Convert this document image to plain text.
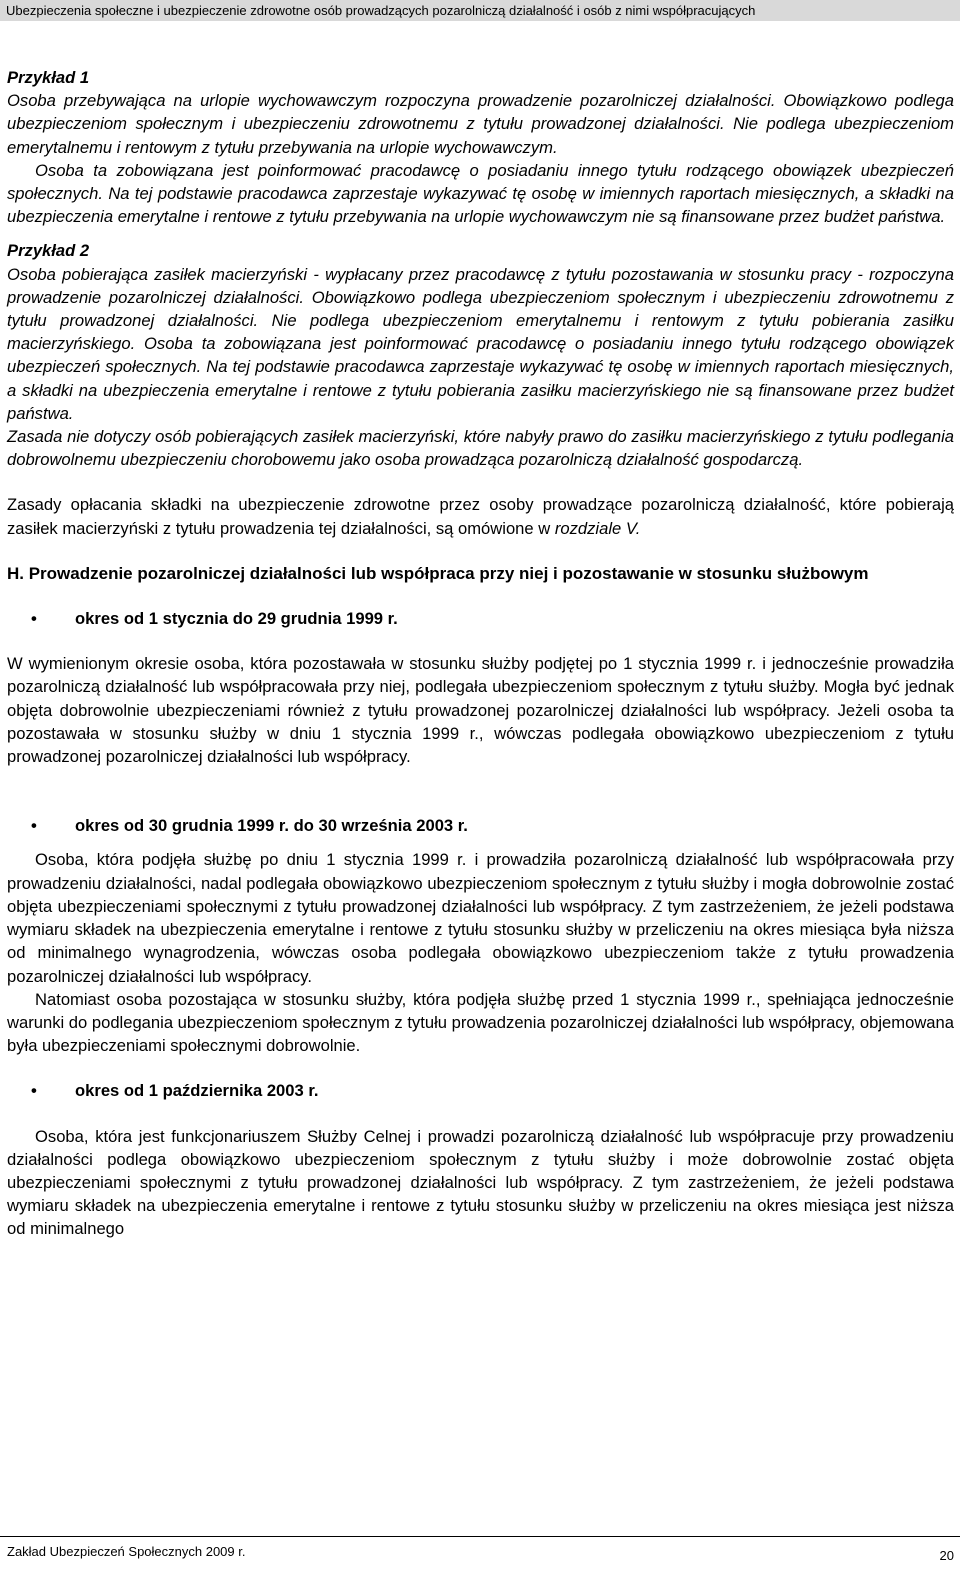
Ubezpieczenia społeczne i ubezpieczenie zdrowotne osób prowadzących pozarolniczą działalność i osób z nimi współpracujących

Przykład 1

Osoba przebywająca na urlopie wychowawczym rozpoczyna prowadzenie pozarolniczej działalności. Obowiązkowo podlega ubezpieczeniom społecznym i ubezpieczeniu zdrowotnemu z tytułu prowadzonej działalności. Nie podlega ubezpieczeniom emerytalnemu i rentowym z tytułu przebywania na urlopie wychowawczym.

Osoba ta zobowiązana jest poinformować pracodawcę o posiadaniu innego tytułu rodzącego obowiązek ubezpieczeń społecznych. Na tej podstawie pracodawca zaprzestaje wykazywać tę osobę w imiennych raportach miesięcznych, a składki na ubezpieczenia emerytalne i rentowe z tytułu przebywania na urlopie wychowawczym nie są finansowane przez budżet państwa.

Przykład 2

Osoba pobierająca zasiłek macierzyński - wypłacany przez pracodawcę z tytułu pozostawania w stosunku pracy - rozpoczyna prowadzenie pozarolniczej działalności. Obowiązkowo podlega ubezpieczeniom społecznym i ubezpieczeniu zdrowotnemu z tytułu prowadzonej działalności. Nie podlega ubezpieczeniom emerytalnemu i rentowym z tytułu pobierania zasiłku macierzyńskiego. Osoba ta zobowiązana jest poinformować pracodawcę o posiadaniu innego tytułu rodzącego obowiązek ubezpieczeń społecznych. Na tej podstawie pracodawca zaprzestaje wykazywać tę osobę w imiennych raportach miesięcznych, a składki na ubezpieczenia emerytalne i rentowe z tytułu pobierania zasiłku macierzyńskiego nie są finansowane przez budżet państwa.

Zasada nie dotyczy osób pobierających zasiłek macierzyński, które nabyły prawo do zasiłku macierzyńskiego z tytułu podlegania dobrowolnemu ubezpieczeniu chorobowemu jako osoba prowadząca pozarolniczą działalność gospodarczą.

Zasady opłacania składki na ubezpieczenie zdrowotne przez osoby prowadzące pozarolniczą działalność, które pobierają zasiłek macierzyński z tytułu prowadzenia tej działalności, są omówione w rozdziale V.

H. Prowadzenie pozarolniczej działalności lub współpraca przy niej i pozostawanie w stosunku służbowym

• okres od 1 stycznia do 29 grudnia 1999 r.

W wymienionym okresie osoba, która pozostawała w stosunku służby podjętej po 1 stycznia 1999 r. i jednocześnie prowadziła pozarolniczą działalność lub współpracowała przy niej, podlegała ubezpieczeniom społecznym z tytułu służby. Mogła być jednak objęta dobrowolnie ubezpieczeniami również z tytułu prowadzonej pozarolniczej działalności lub współpracy. Jeżeli osoba ta pozostawała w stosunku służby w dniu 1 stycznia 1999 r., wówczas podlegała obowiązkowo ubezpieczeniom z tytułu prowadzonej pozarolniczej działalności lub współpracy.

• okres od 30 grudnia 1999 r. do 30 września 2003 r.

Osoba, która podjęła służbę po dniu 1 stycznia 1999 r. i prowadziła pozarolniczą działalność lub współpracowała przy prowadzeniu działalności, nadal podlegała obowiązkowo ubezpieczeniom społecznym z tytułu służby i mogła dobrowolnie zostać objęta ubezpieczeniami społecznymi z tytułu prowadzonej działalności lub współpracy. Z tym zastrzeżeniem, że jeżeli podstawa wymiaru składek na ubezpieczenia emerytalne i rentowe z tytułu stosunku służby w przeliczeniu na okres miesiąca była niższa od minimalnego wynagrodzenia, wówczas osoba podlegała obowiązkowo ubezpieczeniom także z tytułu prowadzenia pozarolniczej działalności lub współpracy.

Natomiast osoba pozostająca w stosunku służby, która podjęła służbę przed 1 stycznia 1999 r., spełniająca jednocześnie warunki do podlegania ubezpieczeniom społecznym z tytułu prowadzenia pozarolniczej działalności lub współpracy, objemowana była ubezpieczeniami społecznymi dobrowolnie.

• okres od 1 października 2003 r.

Osoba, która jest funkcjonariuszem Służby Celnej i prowadzi pozarolniczą działalność lub współpracuje przy prowadzeniu działalności podlega obowiązkowo ubezpieczeniom społecznym z tytułu służby i może dobrowolnie zostać objęta ubezpieczeniami społecznymi z tytułu prowadzonej działalności lub współpracy. Z tym zastrzeżeniem, że jeżeli podstawa wymiaru składek na ubezpieczenia emerytalne i rentowe z tytułu stosunku służby w przeliczeniu na okres miesiąca jest niższa od minimalnego

Zakład Ubezpieczeń Społecznych 2009 r.	20
